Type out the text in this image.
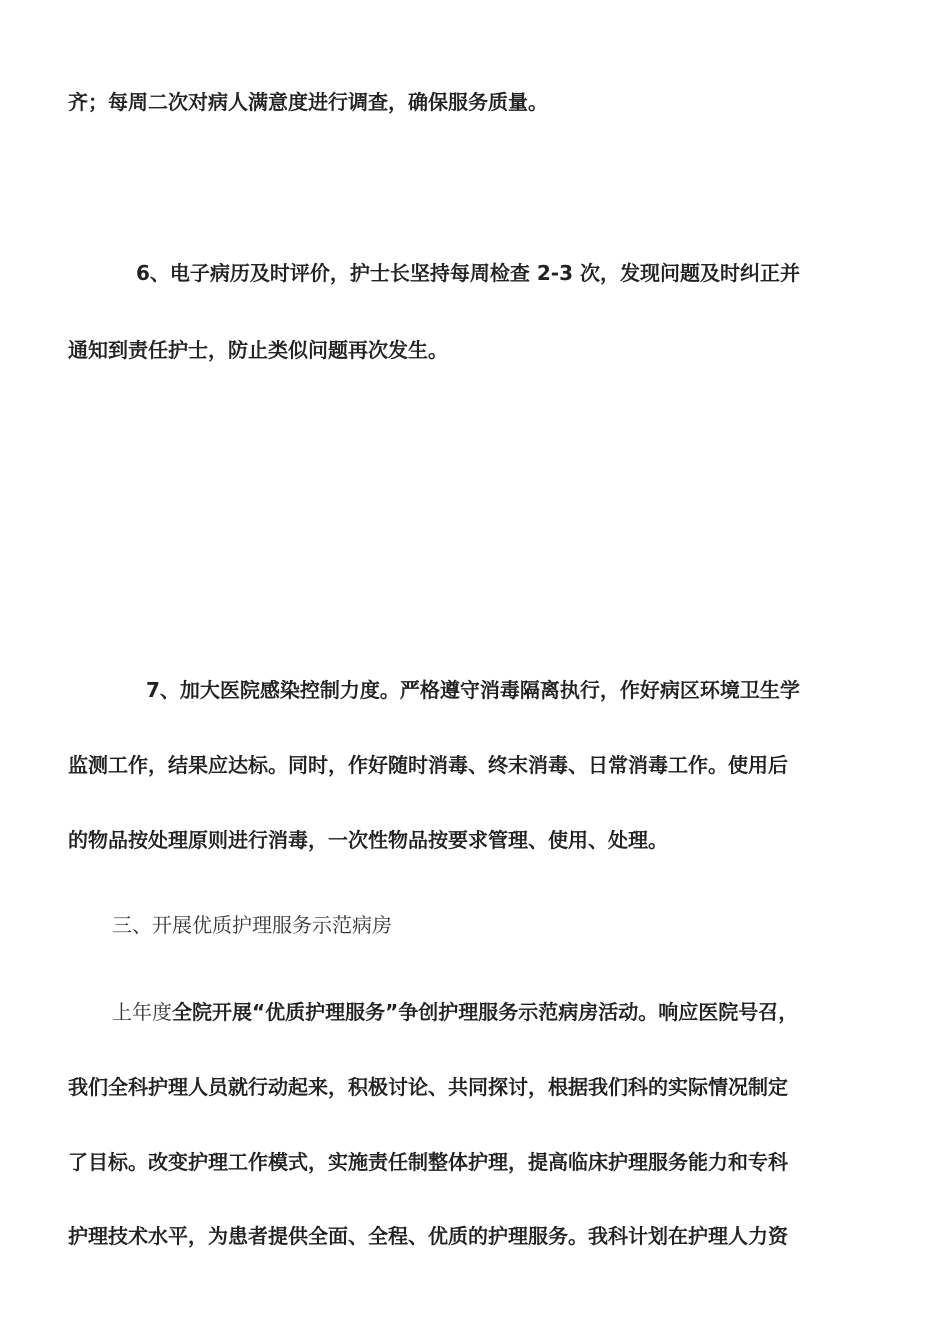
齐；每周二次对病人满意度进行调查，确保服务质量。
6、电子病历及时评价，护士长坚持每周检查 2-3 次，发现问题及时纠正并
通知到责任护士，防止类似问题再次发生。
7、加大医院感染控制力度。严格遵守消毒隔离执行，作好病区环境卫生学
监测工作，结果应达标。同时，作好随时消毒、终末消毒、日常消毒工作。使用后
的物品按处理原则进行消毒，一次性物品按要求管理、使用、处理。
三、开展优质护理服务示范病房
上年度全院开展“优质护理服务”争创护理服务示范病房活动。响应医院号召，
我们全科护理人员就行动起来，积极讨论、共同探讨，根据我们科的实际情况制定
了目标。改变护理工作模式，实施责任制整体护理，提高临床护理服务能力和专科
护理技术水平，为患者提供全面、全程、优质的护理服务。我科计划在护理人力资
